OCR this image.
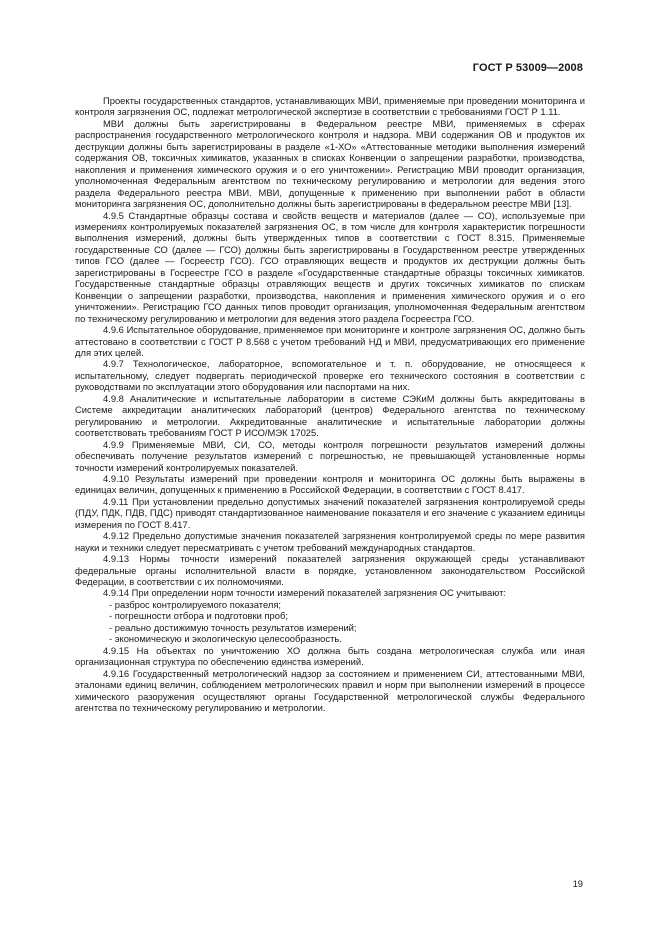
ГОСТ Р 53009—2008

Проекты государственных стандартов, устанавливающих МВИ, применяемые при проведении мониторинга и контроля загрязнения ОС, подлежат метрологической экспертизе в соответствии с требованиями ГОСТ Р 1.11.

МВИ должны быть зарегистрированы в Федеральном реестре МВИ, применяемых в сферах распространения государственного метрологического контроля и надзора. МВИ содержания ОВ и продуктов их деструкции должны быть зарегистрированы в разделе «1-ХО» «Аттестованные методики выполнения измерений содержания ОВ, токсичных химикатов, указанных в списках Конвенции о запрещении разработки, производства, накопления и применения химического оружия и о его уничтожении». Регистрацию МВИ проводит организация, уполномоченная Федеральным агентством по техническому регулированию и метрологии для ведения этого раздела Федерального реестра МВИ. МВИ, допущенные к применению при выполнении работ в области мониторинга загрязнения ОС, дополнительно должны быть зарегистрированы в федеральном реестре МВИ [13].

4.9.5 Стандартные образцы состава и свойств веществ и материалов (далее — СО), используемые при измерениях контролируемых показателей загрязнения ОС, в том числе для контроля характеристик погрешности выполнения измерений, должны быть утвержденных типов в соответствии с ГОСТ 8.315. Применяемые государственные СО (далее — ГСО) должны быть зарегистрированы в Государственном реестре утвержденных типов ГСО (далее — Госреестр ГСО). ГСО отравляющих веществ и продуктов их деструкции должны быть зарегистрированы в Госреестре ГСО в разделе «Государственные стандартные образцы токсичных химикатов. Государственные стандартные образцы отравляющих веществ и других токсичных химикатов по спискам Конвенции о запрещении разработки, производства, накопления и применения химического оружия и о его уничтожении». Регистрацию ГСО данных типов проводит организация, уполномоченная Федеральным агентством по техническому регулированию и метрологии для ведения этого раздела Госреестра ГСО.

4.9.6 Испытательное оборудование, применяемое при мониторинге и контроле загрязнения ОС, должно быть аттестовано в соответствии с ГОСТ Р 8.568 с учетом требований НД и МВИ, предусматривающих его применение для этих целей.

4.9.7 Технологическое, лабораторное, вспомогательное и т. п. оборудование, не относящееся к испытательному, следует подвергать периодической проверке его технического состояния в соответствии с руководствами по эксплуатации этого оборудования или паспортами на них.

4.9.8 Аналитические и испытательные лаборатории в системе СЭКиМ должны быть аккредитованы в Системе аккредитации аналитических лабораторий (центров) Федерального агентства по техническому регулированию и метрологии. Аккредитованные аналитические и испытательные лаборатории должны соответствовать требованиям ГОСТ Р ИСО/МЭК 17025.

4.9.9 Применяемые МВИ, СИ, СО, методы контроля погрешности результатов измерений должны обеспечивать получение результатов измерений с погрешностью, не превышающей установленные нормы точности измерений контролируемых показателей.

4.9.10 Результаты измерений при проведении контроля и мониторинга ОС должны быть выражены в единицах величин, допущенных к применению в Российской Федерации, в соответствии с ГОСТ 8.417.

4.9.11 При установлении предельно допустимых значений показателей загрязнения контролируемой среды (ПДУ, ПДК, ПДВ, ПДС) приводят стандартизованное наименование показателя и его значение с указанием единицы измерения по ГОСТ 8.417.

4.9.12 Предельно допустимые значения показателей загрязнения контролируемой среды по мере развития науки и техники следует пересматривать с учетом требований международных стандартов.

4.9.13 Нормы точности измерений показателей загрязнения окружающей среды устанавливают федеральные органы исполнительной власти в порядке, установленном законодательством Российской Федерации, в соответствии с их полномочиями.

4.9.14 При определении норм точности измерений показателей загрязнения ОС учитывают:

- разброс контролируемого показателя;
- погрешности отбора и подготовки проб;
- реально достижимую точность результатов измерений;
- экономическую и экологическую целесообразность.

4.9.15 На объектах по уничтожению ХО должна быть создана метрологическая служба или иная организационная структура по обеспечению единства измерений.

4.9.16 Государственный метрологический надзор за состоянием и применением СИ, аттестованными МВИ, эталонами единиц величин, соблюдением метрологических правил и норм при выполнении измерений в процессе химического разоружения осуществляют органы Государственной метрологической службы Федерального агентства по техническому регулированию и метрологии.

19
